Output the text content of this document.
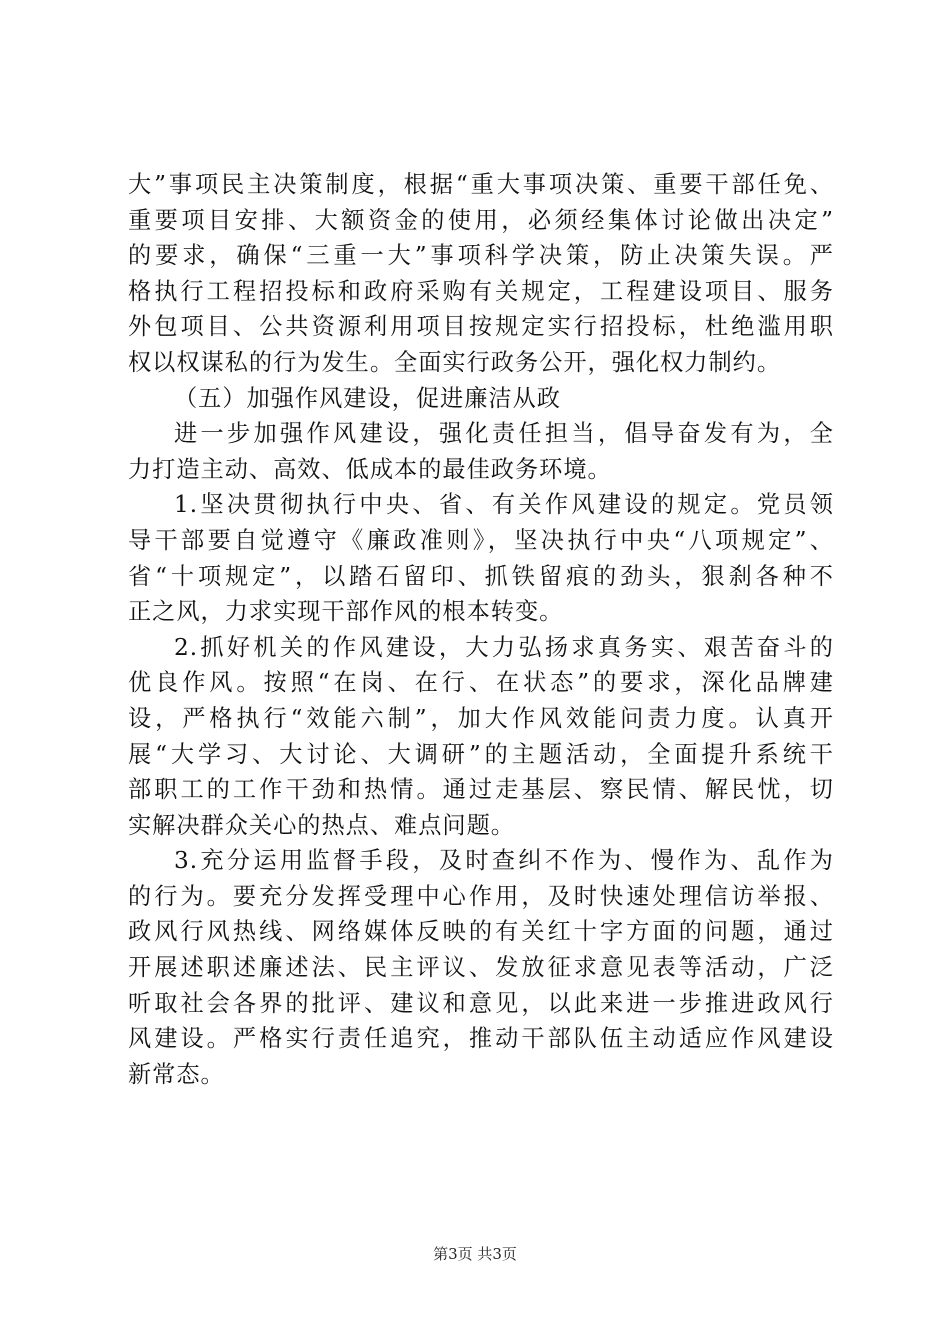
大”事项民主决策制度，根据“重大事项决策、重要干部任免、
重要项目安排、大额资金的使用，必须经集体讨论做出决定”
的要求，确保“三重一大”事项科学决策，防止决策失误。严
格执行工程招投标和政府采购有关规定，工程建设项目、服务
外包项目、公共资源利用项目按规定实行招投标，杜绝滥用职
权以权谋私的行为发生。全面实行政务公开，强化权力制约。
（五）加强作风建设，促进廉洁从政
进一步加强作风建设，强化责任担当，倡导奋发有为，全
力打造主动、高效、低成本的最佳政务环境。
1.坚决贯彻执行中央、省、有关作风建设的规定。党员领
导干部要自觉遵守《廉政准则》，坚决执行中央“八项规定”、
省“十项规定”，以踏石留印、抓铁留痕的劲头，狠刹各种不
正之风，力求实现干部作风的根本转变。
2.抓好机关的作风建设，大力弘扬求真务实、艰苦奋斗的
优良作风。按照“在岗、在行、在状态”的要求，深化品牌建
设，严格执行“效能六制”，加大作风效能问责力度。认真开
展“大学习、大讨论、大调研”的主题活动，全面提升系统干
部职工的工作干劲和热情。通过走基层、察民情、解民忧，切
实解决群众关心的热点、难点问题。
3.充分运用监督手段，及时查纠不作为、慢作为、乱作为
的行为。要充分发挥受理中心作用，及时快速处理信访举报、
政风行风热线、网络媒体反映的有关红十字方面的问题，通过
开展述职述廉述法、民主评议、发放征求意见表等活动，广泛
听取社会各界的批评、建议和意见，以此来进一步推进政风行
风建设。严格实行责任追究，推动干部队伍主动适应作风建设
新常态。
第3页 共3页
